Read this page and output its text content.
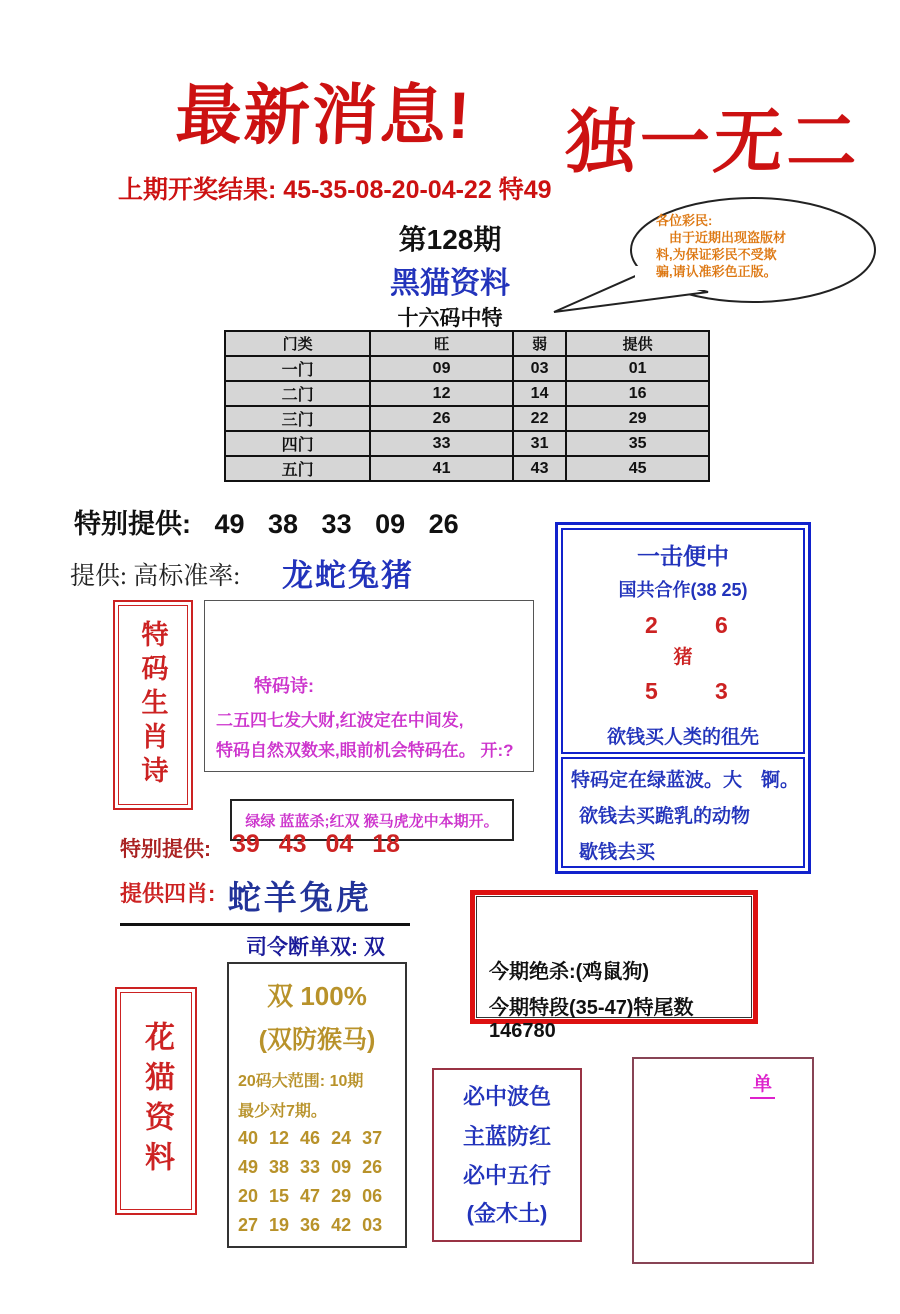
最新消息! 独一无二
上期开奖结果: 45-35-08-20-04-22 特49
各位彩民:
　由于近期出现盗版材
料,为保证彩民不受欺
骗,请认准彩色正版。
第128期
黑猫资料
十六码中特
门类	旺	弱	提供
一门	09	03	01
二门	12	14	16
三门	26	22	29
四门	33	31	35
五门	41	43	45
特别提供: 49 38 33 09 26
提供: 高标准率: 龙蛇兔猪
特码生肖诗	特码诗:
二五四七发大财,红波定在中间发,
特码自然双数来,眼前机会特码在。 开:?
绿绿 蓝蓝杀;红双 猴马虎龙中本期开。
特别提供: 39 43 04 18
提供四肖: 蛇羊兔虎
一击便中
国共合作(38 25)
2 6
猪
5 3
欲钱买人类的徂先
特码定在绿蓝波。大　锕。
欲钱去买跪乳的动物
歇钱去买
司令断单双: 双
双 100%
(双防猴马)
20码大范围: 10期
最少对7期。
40 12 46 24 37
49 38 33 09 26
20 15 47 29 06
27 19 36 42 03
花猫资料
今期绝杀:(鸡鼠狗)
今期特段(35-47)特尾数 146780
必中波色
主蓝防红
必中五行
(金木土)
单
